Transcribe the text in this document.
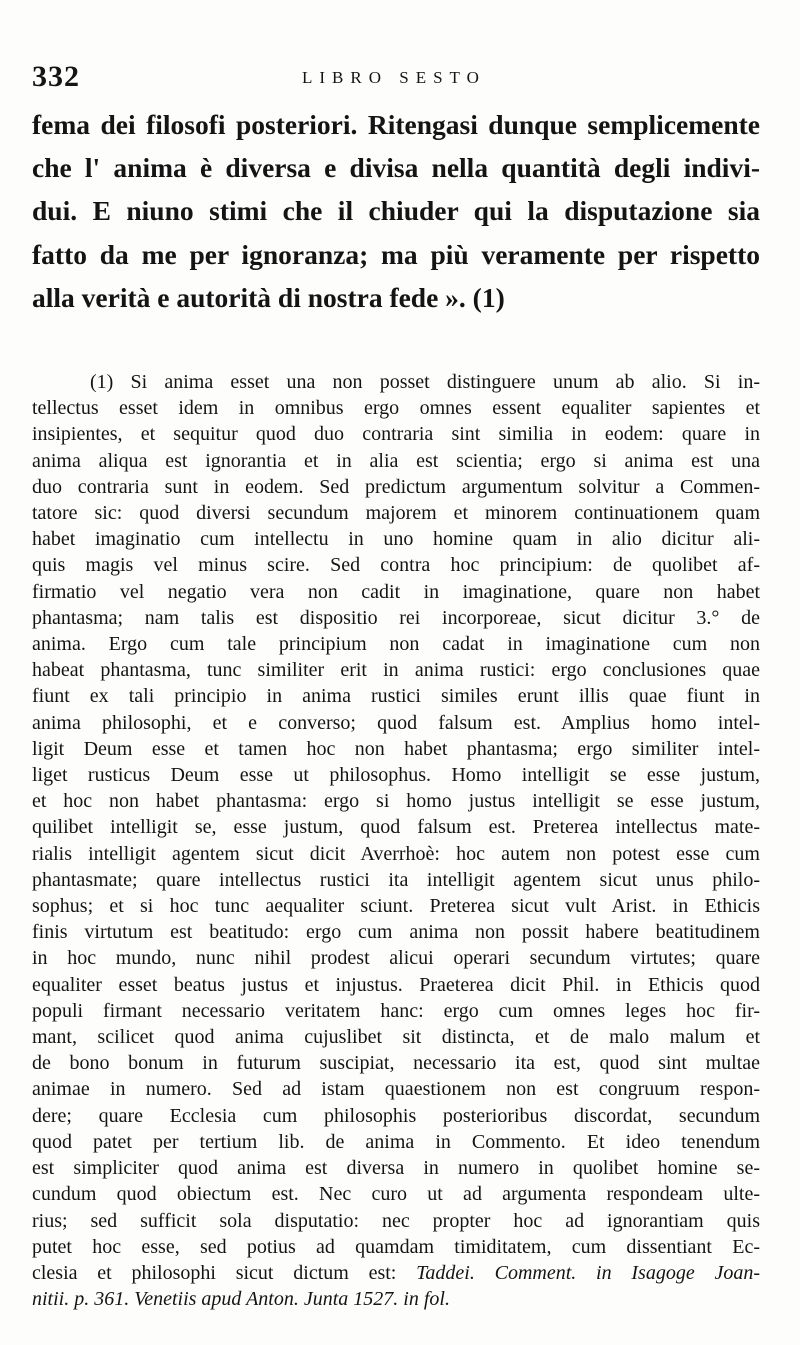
332	LIBRO SESTO
fema dei filosofi posteriori. Ritengasi dunque semplicemente
che l' anima è diversa e divisa nella quantità degli indivi-
dui. E niuno stimi che il chiuder qui la disputazione sia
fatto da me per ignoranza; ma più veramente per rispetto
alla verità e autorità di nostra fede ». (1)
(1) Si anima esset una non posset distinguere unum ab alio. Si in-
tellectus esset idem in omnibus ergo omnes essent equaliter sapientes et
insipientes, et sequitur quod duo contraria sint similia in eodem: quare in
anima aliqua est ignorantia et in alia est scientia; ergo si anima est una
duo contraria sunt in eodem. Sed predictum argumentum solvitur a Commen-
tatore sic: quod diversi secundum majorem et minorem continuationem quam
habet imaginatio cum intellectu in uno homine quam in alio dicitur ali-
quis magis vel minus scire. Sed contra hoc principium: de quolibet af-
firmatio vel negatio vera non cadit in imaginatione, quare non habet
phantasma; nam talis est dispositio rei incorporeae, sicut dicitur 3.° de
anima. Ergo cum tale principium non cadat in imaginatione cum non
habeat phantasma, tunc similiter erit in anima rustici: ergo conclusiones quae
fiunt ex tali principio in anima rustici similes erunt illis quae fiunt in
anima philosophi, et e converso; quod falsum est. Amplius homo intel-
ligit Deum esse et tamen hoc non habet phantasma; ergo similiter intel-
liget rusticus Deum esse ut philosophus. Homo intelligit se esse justum,
et hoc non habet phantasma: ergo si homo justus intelligit se esse justum,
quilibet intelligit se, esse justum, quod falsum est. Preterea intellectus mate-
rialis intelligit agentem sicut dicit Averrhoè: hoc autem non potest esse cum
phantasmate; quare intellectus rustici ita intelligit agentem sicut unus philo-
sophus; et si hoc tunc aequaliter sciunt. Preterea sicut vult Arist. in Ethicis
finis virtutum est beatitudo: ergo cum anima non possit habere beatitudinem
in hoc mundo, nunc nihil prodest alicui operari secundum virtutes; quare
equaliter esset beatus justus et injustus. Praeterea dicit Phil. in Ethicis quod
populi firmant necessario veritatem hanc: ergo cum omnes leges hoc fir-
mant, scilicet quod anima cujuslibet sit distincta, et de malo malum et
de bono bonum in futurum suscipiat, necessario ita est, quod sint multae
animae in numero. Sed ad istam quaestionem non est congruum respon-
dere; quare Ecclesia cum philosophis posterioribus discordat, secundum
quod patet per tertium lib. de anima in Commento. Et ideo tenendum
est simpliciter quod anima est diversa in numero in quolibet homine se-
cundum quod obiectum est. Nec curo ut ad argumenta respondeam ulte-
rius; sed sufficit sola disputatio: nec propter hoc ad ignorantiam quis
putet hoc esse, sed potius ad quamdam timiditatem, cum dissentiant Ec-
clesia et philosophi sicut dictum est: Taddei. Comment. in Isagoge Joan-
nitii. p. 361. Venetiis apud Anton. Junta 1527. in fol.
